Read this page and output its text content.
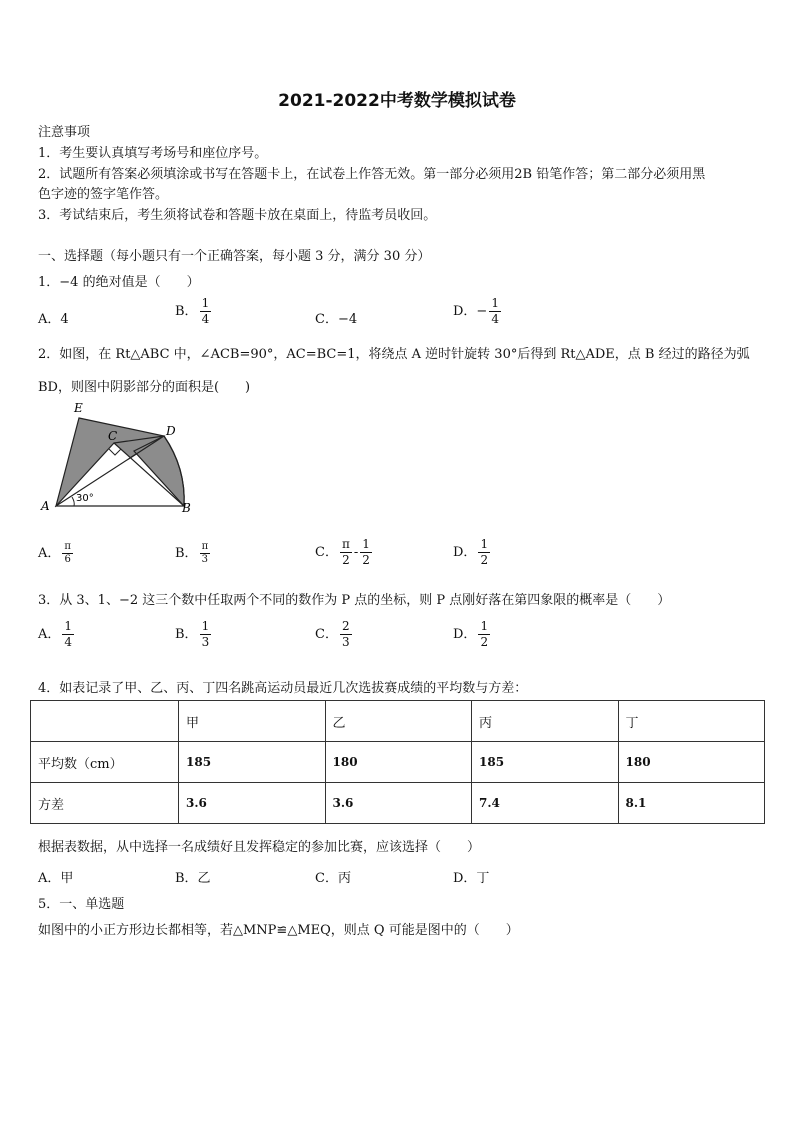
2021-2022中考数学模拟试卷
注意事项
1．考生要认真填写考场号和座位序号。
2．试题所有答案必须填涂或书写在答题卡上，在试卷上作答无效。第一部分必须用2B 铅笔作答；第二部分必须用黑
色字迹的签字笔作答。
3．考试结束后，考生须将试卷和答题卡放在桌面上，待监考员收回。
一、选择题（每小题只有一个正确答案，每小题 3 分，满分 30 分）
1．−4 的绝对值是（　　）
A．4
B． $\frac{1}{4}$	C．−4
D．− $\frac{1}{4}$
2．如图，在 Rt△ABC 中，∠ACB=90°，AC=BC=1，将绕点 A 逆时针旋转 30°后得到 Rt△ADE，点 B 经过的路径为弧
BD，则图中阴影部分的面积是(　　)
E
C	D
A	B
30°
A． $\frac{\pi}{6}$	B． $\frac{\pi}{3}$	C． $\frac{\pi}{2} - \frac{1}{2}$	D． $\frac{1}{2}$
3．从 3、1、−2 这三个数中任取两个不同的数作为 P 点的坐标，则 P 点刚好落在第四象限的概率是（　　）
A． $\frac{1}{4}$	B． $\frac{1}{3}$	C． $\frac{2}{3}$	D． $\frac{1}{2}$
4．如表记录了甲、乙、丙、丁四名跳高运动员最近几次选拔赛成绩的平均数与方差：
	甲	乙	丙	丁
平均数（cm）	185	180	185	180
方差	3.6	3.6	7.4	8.1
根据表数据，从中选择一名成绩好且发挥稳定的参加比赛，应该选择（　　）
A．甲	B．乙	C．丙	D．丁
5．一、单选题
如图中的小正方形边长都相等，若△MNP≌△MEQ，则点 Q 可能是图中的（　　）
